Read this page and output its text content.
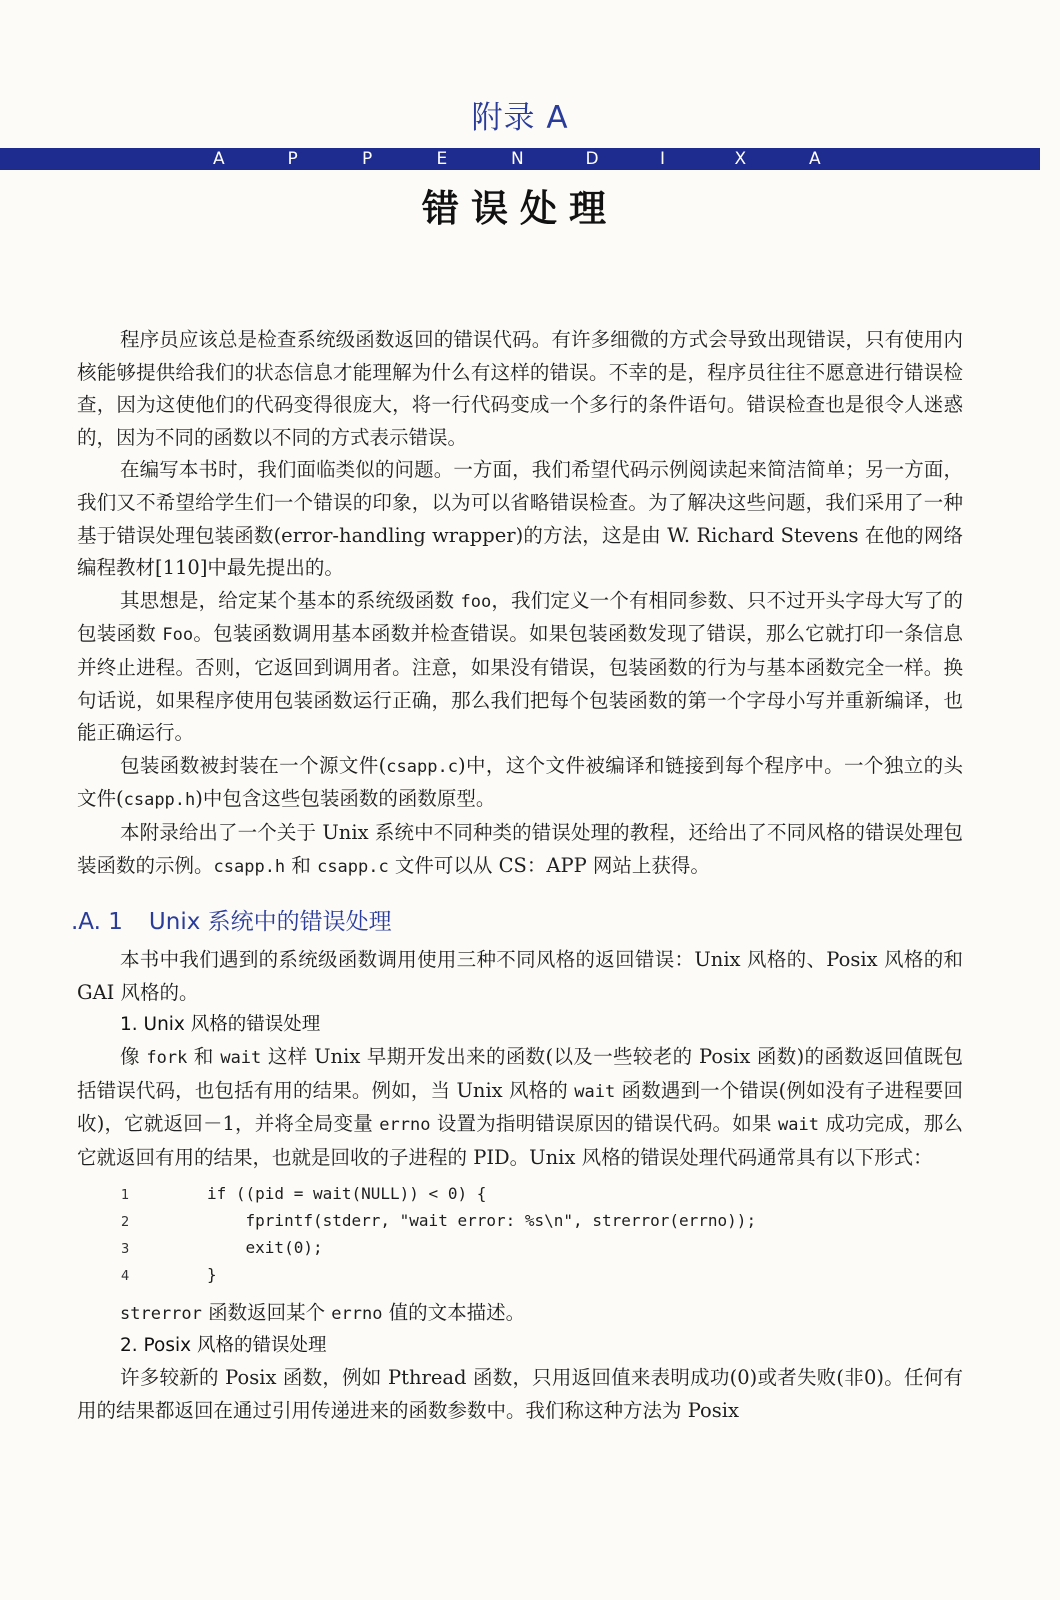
附录 A
A	P	P	E	N	D	I	X	A
错误处理

程序员应该总是检查系统级函数返回的错误代码。有许多细微的方式会导致出现错误，只有使用内核能够提供给我们的状态信息才能理解为什么有这样的错误。不幸的是，程序员往往不愿意进行错误检查，因为这使他们的代码变得很庞大，将一行代码变成一个多行的条件语句。错误检查也是很令人迷惑的，因为不同的函数以不同的方式表示错误。

在编写本书时，我们面临类似的问题。一方面，我们希望代码示例阅读起来简洁简单；另一方面，我们又不希望给学生们一个错误的印象，以为可以省略错误检查。为了解决这些问题，我们采用了一种基于错误处理包装函数(error-handling wrapper)的方法，这是由 W. Richard Stevens 在他的网络编程教材[110]中最先提出的。

其思想是，给定某个基本的系统级函数 foo，我们定义一个有相同参数、只不过开头字母大写了的包装函数 Foo。包装函数调用基本函数并检查错误。如果包装函数发现了错误，那么它就打印一条信息并终止进程。否则，它返回到调用者。注意，如果没有错误，包装函数的行为与基本函数完全一样。换句话说，如果程序使用包装函数运行正确，那么我们把每个包装函数的第一个字母小写并重新编译，也能正确运行。

包装函数被封装在一个源文件(csapp.c)中，这个文件被编译和链接到每个程序中。一个独立的头文件(csapp.h)中包含这些包装函数的函数原型。

本附录给出了一个关于 Unix 系统中不同种类的错误处理的教程，还给出了不同风格的错误处理包装函数的示例。csapp.h 和 csapp.c 文件可以从 CS：APP 网站上获得。

.A. 1 Unix 系统中的错误处理

本书中我们遇到的系统级函数调用使用三种不同风格的返回错误：Unix 风格的、Posix 风格的和 GAI 风格的。

1. Unix 风格的错误处理

像 fork 和 wait 这样 Unix 早期开发出来的函数(以及一些较老的 Posix 函数)的函数返回值既包括错误代码，也包括有用的结果。例如，当 Unix 风格的 wait 函数遇到一个错误(例如没有子进程要回收)，它就返回－1，并将全局变量 errno 设置为指明错误原因的错误代码。如果 wait 成功完成，那么它就返回有用的结果，也就是回收的子进程的 PID。Unix 风格的错误处理代码通常具有以下形式：

1	if ((pid = wait(NULL)) < 0) {
2	fprintf(stderr, "wait error: %s\n", strerror(errno));
3	exit(0);
4	}

strerror 函数返回某个 errno 值的文本描述。

2. Posix 风格的错误处理

许多较新的 Posix 函数，例如 Pthread 函数，只用返回值来表明成功(0)或者失败(非0)。任何有用的结果都返回在通过引用传递进来的函数参数中。我们称这种方法为 Posix
